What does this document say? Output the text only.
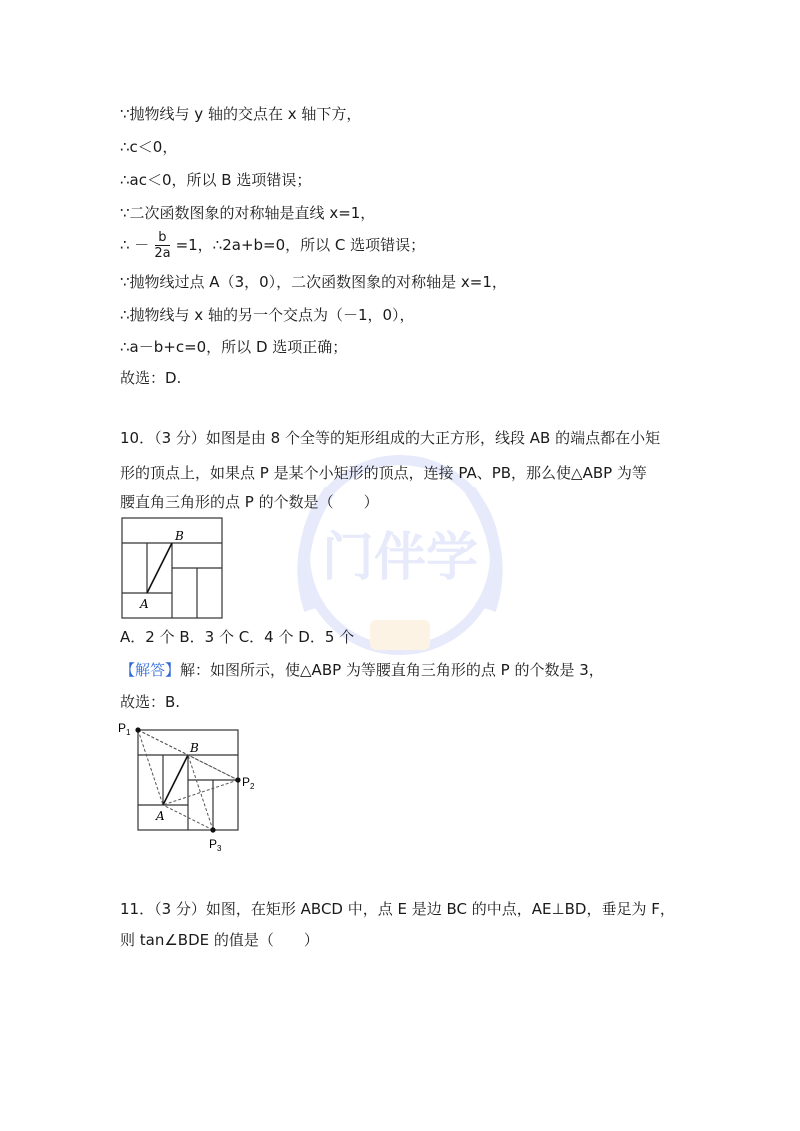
门伴学
∵抛物线与 y 轴的交点在 x 轴下方，
∴c＜0，
∴ac＜0，所以 B 选项错误；
∵二次函数图象的对称轴是直线 x=1，
∴ － $\frac{b}{2a} =1$，∴2a+b=0，所以 C 选项错误；
∵抛物线过点 A（3，0），二次函数图象的对称轴是 x=1，
∴抛物线与 x 轴的另一个交点为（－1，0），
∴a－b+c=0，所以 D 选项正确；
故选：D.
10．（3 分）如图是由 8 个全等的矩形组成的大正方形，线段 AB 的端点都在小矩
形的顶点上，如果点 P 是某个小矩形的顶点，连接 PA、PB，那么使△ABP 为等
腰直角三角形的点 P 的个数是（　　）
A
B
A．2 个 B．3 个 C．4 个 D．5 个
【解答】解：如图所示，使△ABP 为等腰直角三角形的点 P 的个数是 3，
故选：B.
A
B
$P_1$
$P_2$
$P_3$
11．（3 分）如图，在矩形 ABCD 中，点 E 是边 BC 的中点，AE⊥BD，垂足为 F，
则 tan∠BDE 的值是（　　）
